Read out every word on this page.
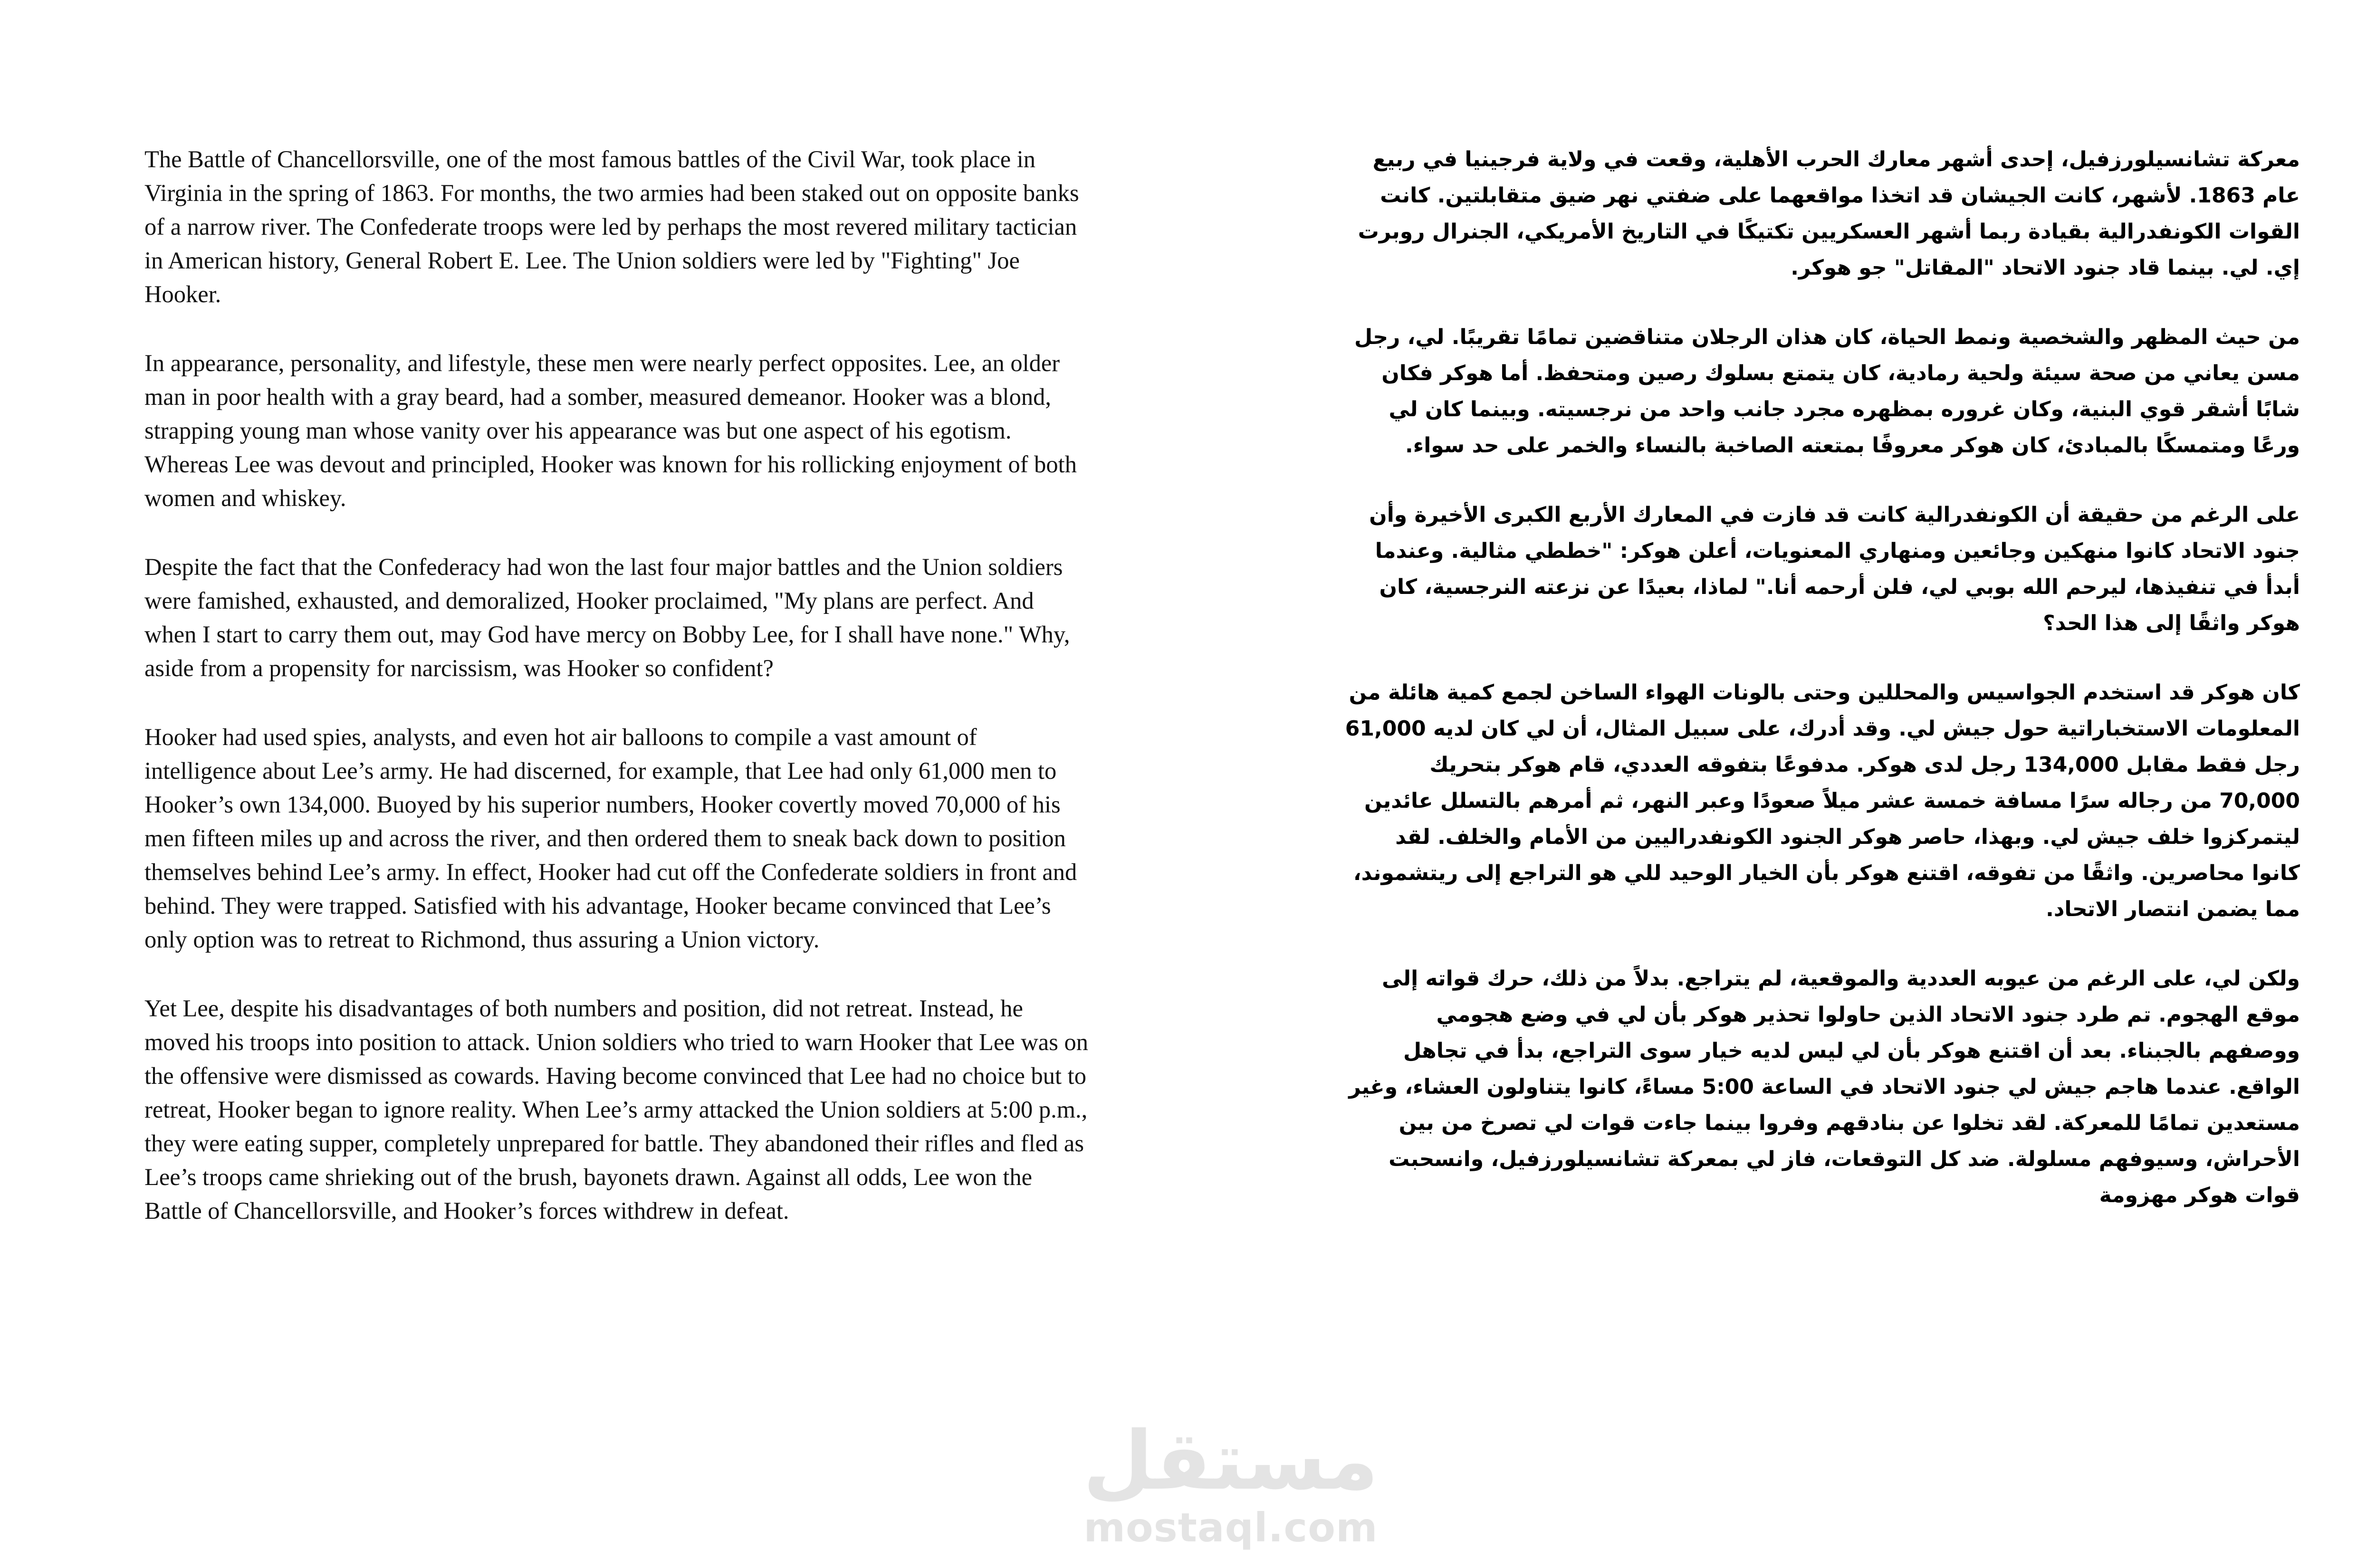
The Battle of Chancellorsville, one of the most famous battles of the Civil War, took place in Virginia in the spring of 1863. For months, the two armies had been staked out on opposite banks of a narrow river. The Confederate troops were led by perhaps the most revered military tactician in American history, General Robert E. Lee. The Union soldiers were led by "Fighting" Joe Hooker.

In appearance, personality, and lifestyle, these men were nearly perfect opposites. Lee, an older man in poor health with a gray beard, had a somber, measured demeanor. Hooker was a blond, strapping young man whose vanity over his appearance was but one aspect of his egotism. Whereas Lee was devout and principled, Hooker was known for his rollicking enjoyment of both women and whiskey.

Despite the fact that the Confederacy had won the last four major battles and the Union soldiers were famished, exhausted, and demoralized, Hooker proclaimed, "My plans are perfect. And when I start to carry them out, may God have mercy on Bobby Lee, for I shall have none." Why, aside from a propensity for narcissism, was Hooker so confident?

Hooker had used spies, analysts, and even hot air balloons to compile a vast amount of intelligence about Lee’s army. He had discerned, for example, that Lee had only 61,000 men to Hooker’s own 134,000. Buoyed by his superior numbers, Hooker covertly moved 70,000 of his men fifteen miles up and across the river, and then ordered them to sneak back down to position themselves behind Lee’s army. In effect, Hooker had cut off the Confederate soldiers in front and behind. They were trapped. Satisfied with his advantage, Hooker became convinced that Lee’s only option was to retreat to Richmond, thus assuring a Union victory.

Yet Lee, despite his disadvantages of both numbers and position, did not retreat. Instead, he moved his troops into position to attack. Union soldiers who tried to warn Hooker that Lee was on the offensive were dismissed as cowards. Having become convinced that Lee had no choice but to retreat, Hooker began to ignore reality. When Lee’s army attacked the Union soldiers at 5:00 p.m., they were eating supper, completely unprepared for battle. They abandoned their rifles and fled as Lee’s troops came shrieking out of the brush, bayonets drawn. Against all odds, Lee won the Battle of Chancellorsville, and Hooker’s forces withdrew in defeat.

معركة تشانسيلورزفيل، إحدى أشهر معارك الحرب الأهلية، وقعت في ولاية فرجينيا في ربيع عام 1863. لأشهر، كانت الجيشان قد اتخذا مواقعهما على ضفتي نهر ضيق متقابلتين. كانت القوات الكونفدرالية بقيادة ربما أشهر العسكريين تكتيكًا في التاريخ الأمريكي، الجنرال روبرت إي. لي. بينما قاد جنود الاتحاد "المقاتل" جو هوكر.

من حيث المظهر والشخصية ونمط الحياة، كان هذان الرجلان متناقضين تمامًا تقريبًا. لي، رجل مسن يعاني من صحة سيئة ولحية رمادية، كان يتمتع بسلوك رصين ومتحفظ. أما هوكر فكان شابًا أشقر قوي البنية، وكان غروره بمظهره مجرد جانب واحد من نرجسيته. وبينما كان لي ورعًا ومتمسكًا بالمبادئ، كان هوكر معروفًا بمتعته الصاخبة بالنساء والخمر على حد سواء.

على الرغم من حقيقة أن الكونفدرالية كانت قد فازت في المعارك الأربع الكبرى الأخيرة وأن جنود الاتحاد كانوا منهكين وجائعين ومنهاري المعنويات، أعلن هوكر: "خططي مثالية. وعندما أبدأ في تنفيذها، ليرحم الله بوبي لي، فلن أرحمه أنا." لماذا، بعيدًا عن نزعته النرجسية، كان هوكر واثقًا إلى هذا الحد؟

كان هوكر قد استخدم الجواسيس والمحللين وحتى بالونات الهواء الساخن لجمع كمية هائلة من المعلومات الاستخباراتية حول جيش لي. وقد أدرك، على سبيل المثال، أن لي كان لديه 61,000 رجل فقط مقابل 134,000 رجل لدى هوكر. مدفوعًا بتفوقه العددي، قام هوكر بتحريك 70,000 من رجاله سرًا مسافة خمسة عشر ميلاً صعودًا وعبر النهر، ثم أمرهم بالتسلل عائدين ليتمركزوا خلف جيش لي. وبهذا، حاصر هوكر الجنود الكونفدراليين من الأمام والخلف. لقد كانوا محاصرين. واثقًا من تفوقه، اقتنع هوكر بأن الخيار الوحيد للي هو التراجع إلى ريتشموند، مما يضمن انتصار الاتحاد.

ولكن لي، على الرغم من عيوبه العددية والموقعية، لم يتراجع. بدلاً من ذلك، حرك قواته إلى موقع الهجوم. تم طرد جنود الاتحاد الذين حاولوا تحذير هوكر بأن لي في وضع هجومي ووصفهم بالجبناء. بعد أن اقتنع هوكر بأن لي ليس لديه خيار سوى التراجع، بدأ في تجاهل الواقع. عندما هاجم جيش لي جنود الاتحاد في الساعة 5:00 مساءً، كانوا يتناولون العشاء، وغير مستعدين تمامًا للمعركة. لقد تخلوا عن بنادقهم وفروا بينما جاءت قوات لي تصرخ من بين الأحراش، وسيوفهم مسلولة. ضد كل التوقعات، فاز لي بمعركة تشانسيلورزفيل، وانسحبت قوات هوكر مهزومة

مستقل
mostaql.com
